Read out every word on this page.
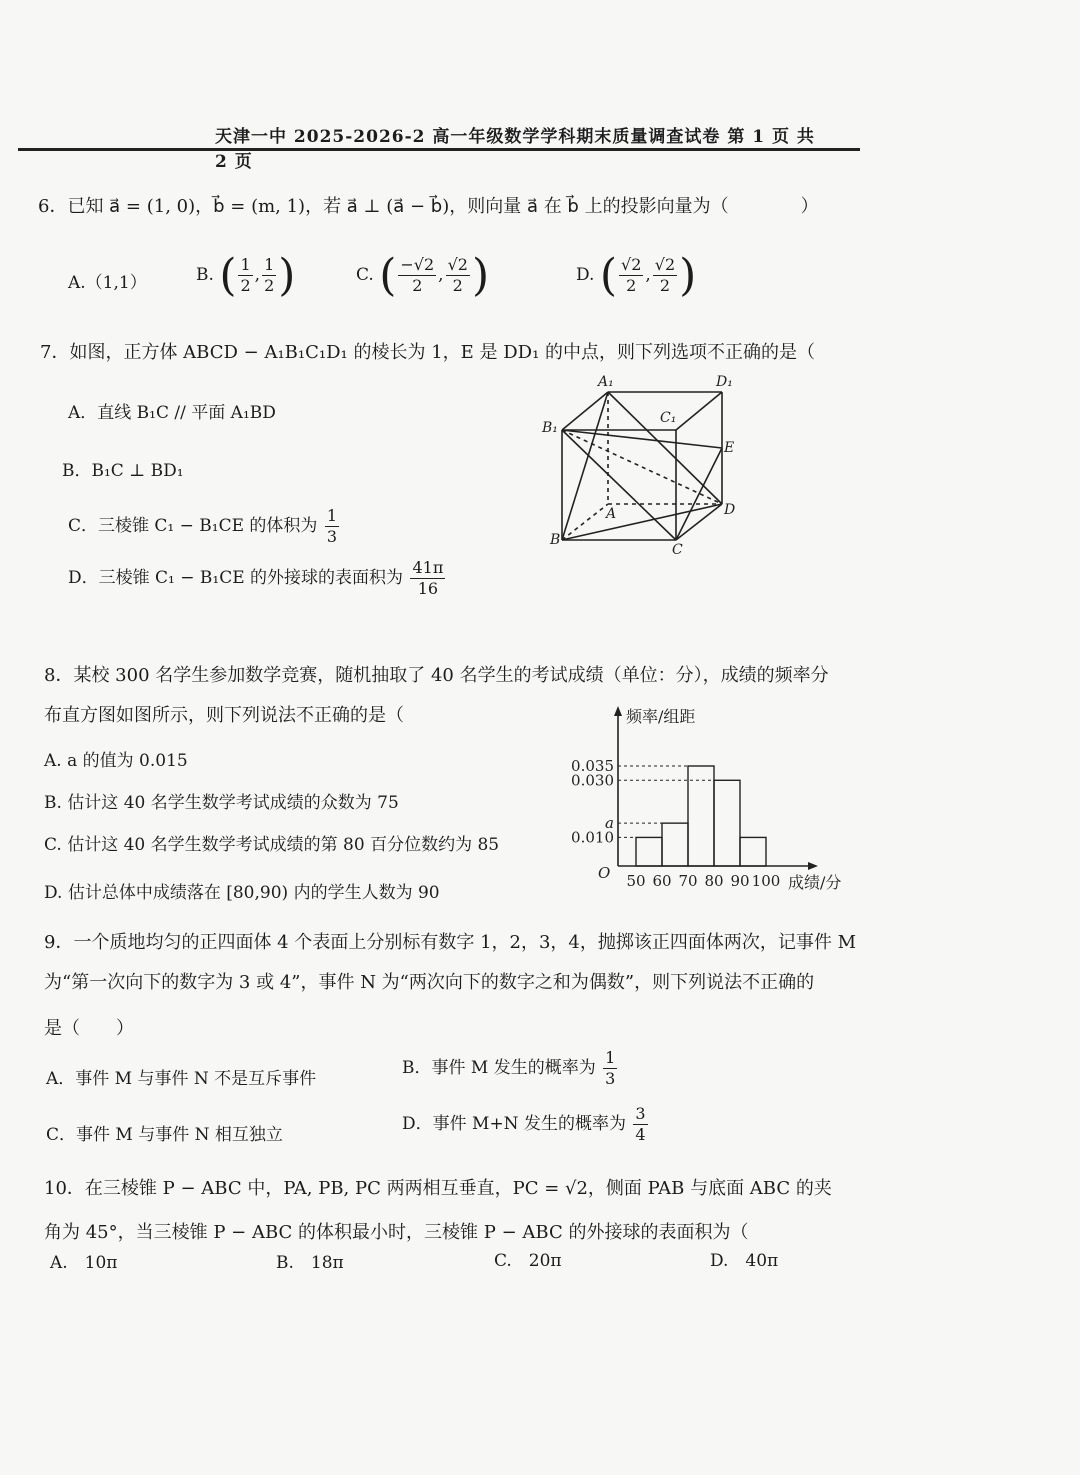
天津一中 2025-2026-2 高一年级数学学科期末质量调查试卷 第 1 页 共 2 页
6．已知 a⃗ = (1, 0)，b⃗ = (m, 1)，若 a⃗ ⊥ (a⃗ − b⃗)，则向量 a⃗ 在 b⃗ 上的投影向量为（　　　　）
A.（1,1）	B. ( $\frac{1}{2}$ , $\frac{1}{2}$ )	C. ( $\frac{-√2}{2}$ , $\frac{√2}{2}$ )	D. ( $\frac{√2}{2}$ , $\frac{√2}{2}$ )
7．如图，正方体 ABCD − A₁B₁C₁D₁ 的棱长为 1，E 是 DD₁ 的中点，则下列选项不正确的是（
A．直线 B₁C // 平面 A₁BD
B．B₁C ⊥ BD₁
C．三棱锥 C₁ − B₁CE 的体积为 $\frac{1}{3}$
D．三棱锥 C₁ − B₁CE 的外接球的表面积为 $\frac{41\pi}{16}$
A₁	D₁
C₁
B₁
E
A	D
B
C
8．某校 300 名学生参加数学竞赛，随机抽取了 40 名学生的考试成绩（单位：分），成绩的频率分
布直方图如图所示，则下列说法不正确的是（
A. a 的值为 0.015
B. 估计这 40 名学生数学考试成绩的众数为 75
C. 估计这 40 名学生数学考试成绩的第 80 百分位数约为 85
D. 估计总体中成绩落在 [80,90) 内的学生人数为 90
0.035
0.030
a
0.010
50 60 70 80 90 100
O
频率/组距
成绩/分
9．一个质地均匀的正四面体 4 个表面上分别标有数字 1，2，3，4，抛掷该正四面体两次，记事件 M
为“第一次向下的数字为 3 或 4”，事件 N 为“两次向下的数字之和为偶数”，则下列说法不正确的
是（　　）
A．事件 M 与事件 N 不是互斥事件
B．事件 M 发生的概率为 $\frac{1}{3}$
C．事件 M 与事件 N 相互独立
D．事件 M+N 发生的概率为 $\frac{3}{4}$
10．在三棱锥 P − ABC 中，PA, PB, PC 两两相互垂直，PC = √2，侧面 PAB 与底面 ABC 的夹
角为 45°，当三棱锥 P − ABC 的体积最小时，三棱锥 P − ABC 的外接球的表面积为（
A.　10π	B.　18π	C.　20π	D.　40π
